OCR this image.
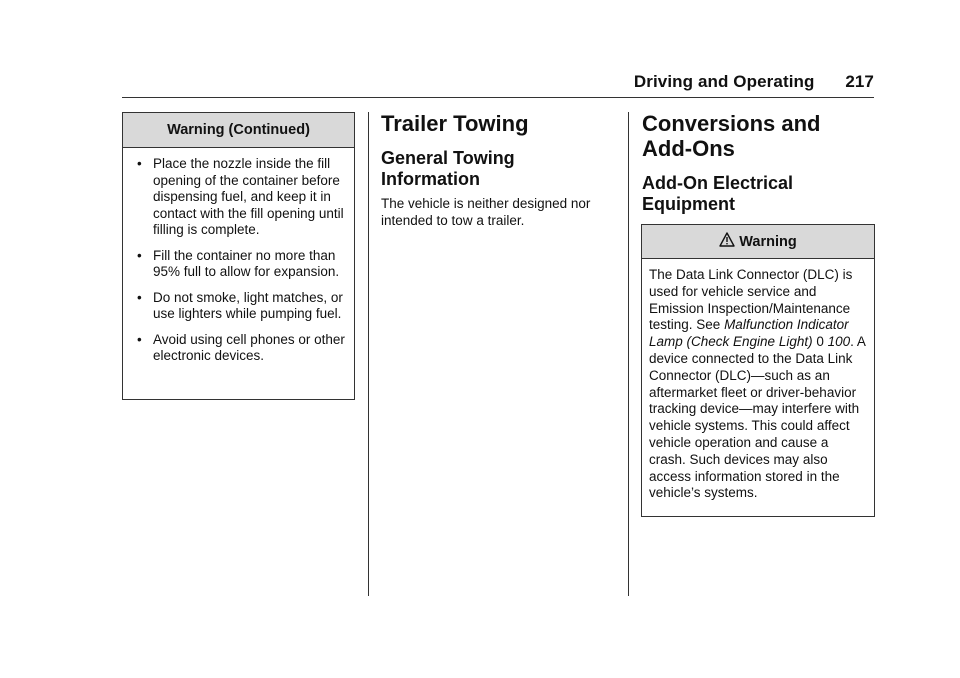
Driving and Operating 217
Warning (Continued)
• Place the nozzle inside the fill opening of the container before dispensing fuel, and keep it in contact with the fill opening until filling is complete.
• Fill the container no more than 95% full to allow for expansion.
• Do not smoke, light matches, or use lighters while pumping fuel.
• Avoid using cell phones or other electronic devices.
Trailer Towing
General Towing
Information
The vehicle is neither designed nor intended to tow a trailer.
Conversions and
Add-Ons
Add-On Electrical
Equipment
Warning
The Data Link Connector (DLC) is used for vehicle service and Emission Inspection/Maintenance testing. See Malfunction Indicator Lamp (Check Engine Light) 0 100. A device connected to the Data Link Connector (DLC)—such as an aftermarket fleet or driver-behavior tracking device—may interfere with vehicle systems. This could affect vehicle operation and cause a crash. Such devices may also access information stored in the vehicle’s systems.
